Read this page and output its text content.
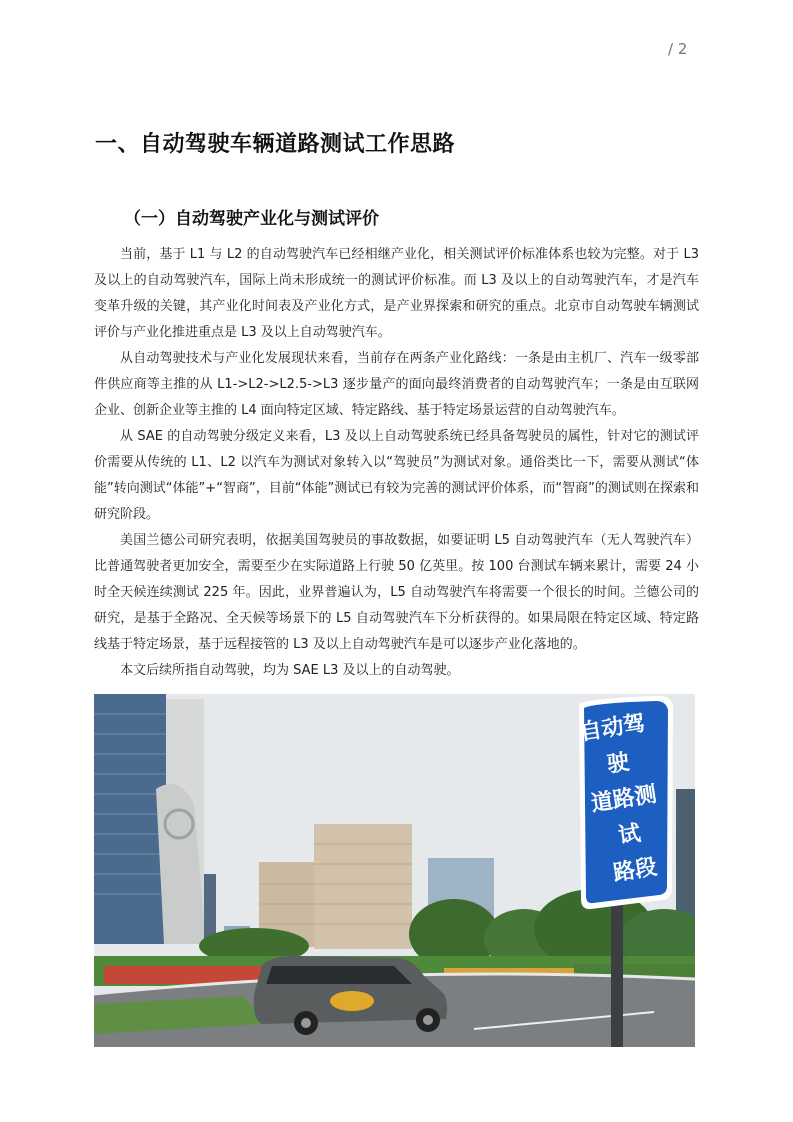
/ 2
一、自动驾驶车辆道路测试工作思路
（一）自动驾驶产业化与测试评价

当前，基于 L1 与 L2 的自动驾驶汽车已经相继产业化，相关测试评价标准体系也较为完整。对于 L3 及以上的自动驾驶汽车，国际上尚未形成统一的测试评价标准。而 L3 及以上的自动驾驶汽车，才是汽车变革升级的关键，其产业化时间表及产业化方式，是产业界探索和研究的重点。北京市自动驾驶车辆测试评价与产业化推进重点是 L3 及以上自动驾驶汽车。

从自动驾驶技术与产业化发展现状来看，当前存在两条产业化路线：一条是由主机厂、汽车一级零部件供应商等主推的从 L1->L2->L2.5->L3 逐步量产的面向最终消费者的自动驾驶汽车；一条是由互联网企业、创新企业等主推的 L4 面向特定区域、特定路线、基于特定场景运营的自动驾驶汽车。

从 SAE 的自动驾驶分级定义来看，L3 及以上自动驾驶系统已经具备驾驶员的属性，针对它的测试评价需要从传统的 L1、L2 以汽车为测试对象转入以“驾驶员”为测试对象。通俗类比一下，需要从测试“体能”转向测试“体能”+“智商”，目前“体能”测试已有较为完善的测试评价体系，而“智商”的测试则在探索和研究阶段。

美国兰德公司研究表明，依据美国驾驶员的事故数据，如要证明 L5 自动驾驶汽车（无人驾驶汽车）比普通驾驶者更加安全，需要至少在实际道路上行驶 50 亿英里。按 100 台测试车辆来累计，需要 24 小时全天候连续测试 225 年。因此，业界普遍认为，L5 自动驾驶汽车将需要一个很长的时间。兰德公司的研究，是基于全路况、全天候等场景下的 L5 自动驾驶汽车下分析获得的。如果局限在特定区域、特定路线基于特定场景，基于远程接管的 L3 及以上自动驾驶汽车是可以逐步产业化落地的。

本文后续所指自动驾驶，均为 SAE L3 及以上的自动驾驶。

自动驾驶
道路测试
路段
